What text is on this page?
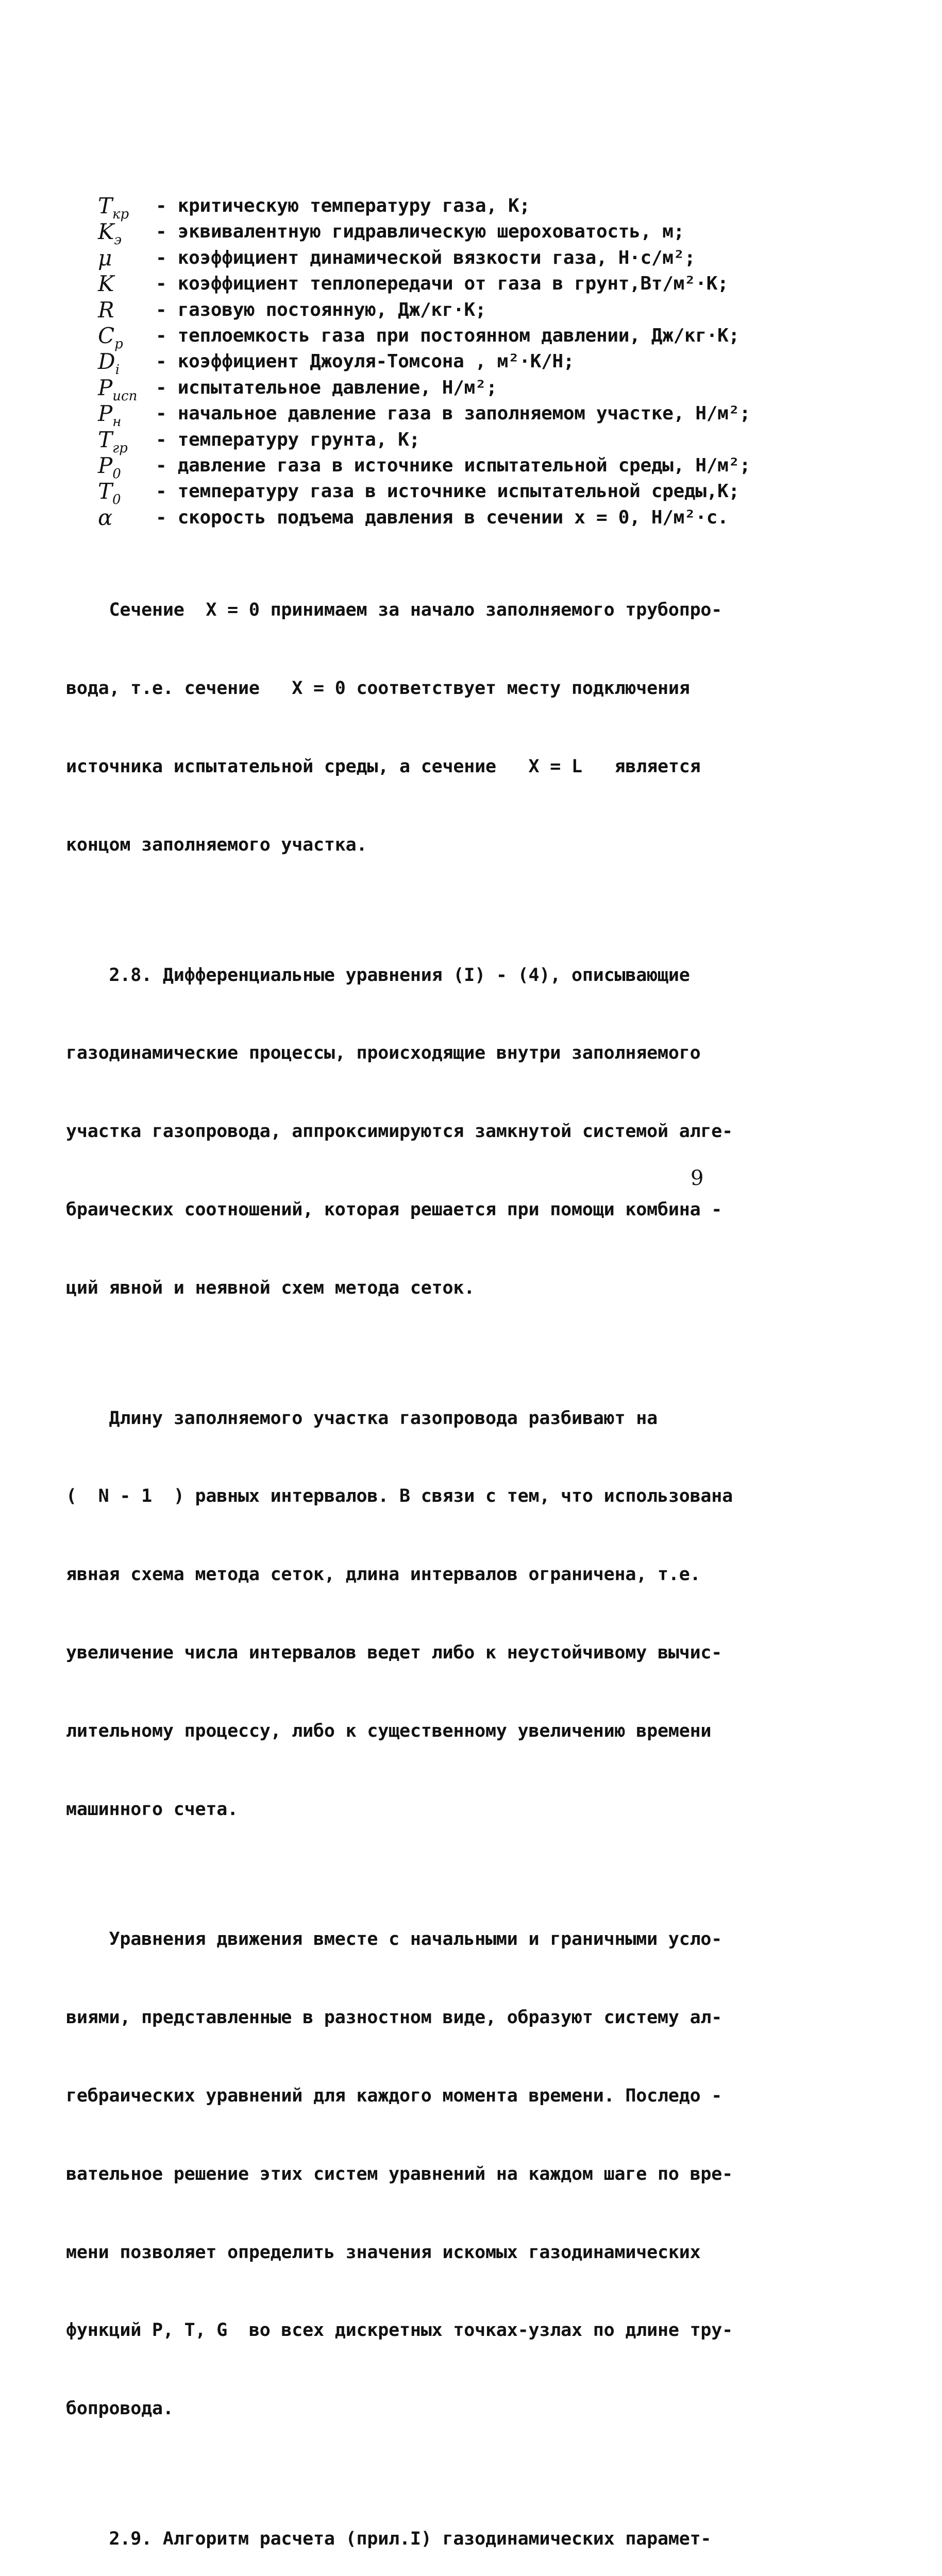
$T_{кр}$	- критическую температуру газа, К;
$K_э$	- эквивалентную гидравлическую шероховатость, м;
μ	- коэффициент динамической вязкости газа, Н·с/м²;
K	- коэффициент теплопередачи от газа в грунт,Вт/м²·К;
R	- газовую постоянную, Дж/кг·К;
$C_p$	- теплоемкость газа при постоянном давлении, Дж/кг·К;
$D_i$	- коэффициент Джоуля-Томсона , м²·К/Н;
$P_{исп}$ - испытательное давление, Н/м²;
$P_н$	- начальное давление газа в заполняемом участке, Н/м²;
$T_{гр}$	- температуру грунта, К;
$P_0$	- давление газа в источнике испытательной среды, Н/м²;
$T_0$	- температуру газа в источнике испытательной среды,К;
α	- скорость подъема давления в сечении x = 0, Н/м²·с.

Сечение  X = 0 принимаем за начало заполняемого трубопро-

вода, т.е. сечение   X = 0 соответствует месту подключения

источника испытательной среды, а сечение   X = L   является

концом заполняемого участка.

2.8. Дифференциальные уравнения (I) - (4), описывающие

газодинамические процессы, происходящие внутри заполняемого

участка газопровода, аппроксимируются замкнутой системой алге-

браических соотношений, которая решается при помощи комбина -

ций явной и неявной схем метода сеток.

Длину заполняемого участка газопровода разбивают на

(  N - 1  ) равных интервалов. В связи с тем, что использована

явная схема метода сеток, длина интервалов ограничена, т.е.

увеличение числа интервалов ведет либо к неустойчивому вычис-

лительному процессу, либо к существенному увеличению времени

машинного счета.

Уравнения движения вместе с начальными и граничными усло-

виями, представленные в разностном виде, образуют систему ал-

гебраических уравнений для каждого момента времени. Последо -

вательное решение этих систем уравнений на каждом шаге по вре-

мени позволяет определить значения искомых газодинамических

функций P, T, G  во всех дискретных точках-узлах по длине тру-

бопровода.

2.9. Алгоритм расчета (прил.I) газодинамических парамет-

9
